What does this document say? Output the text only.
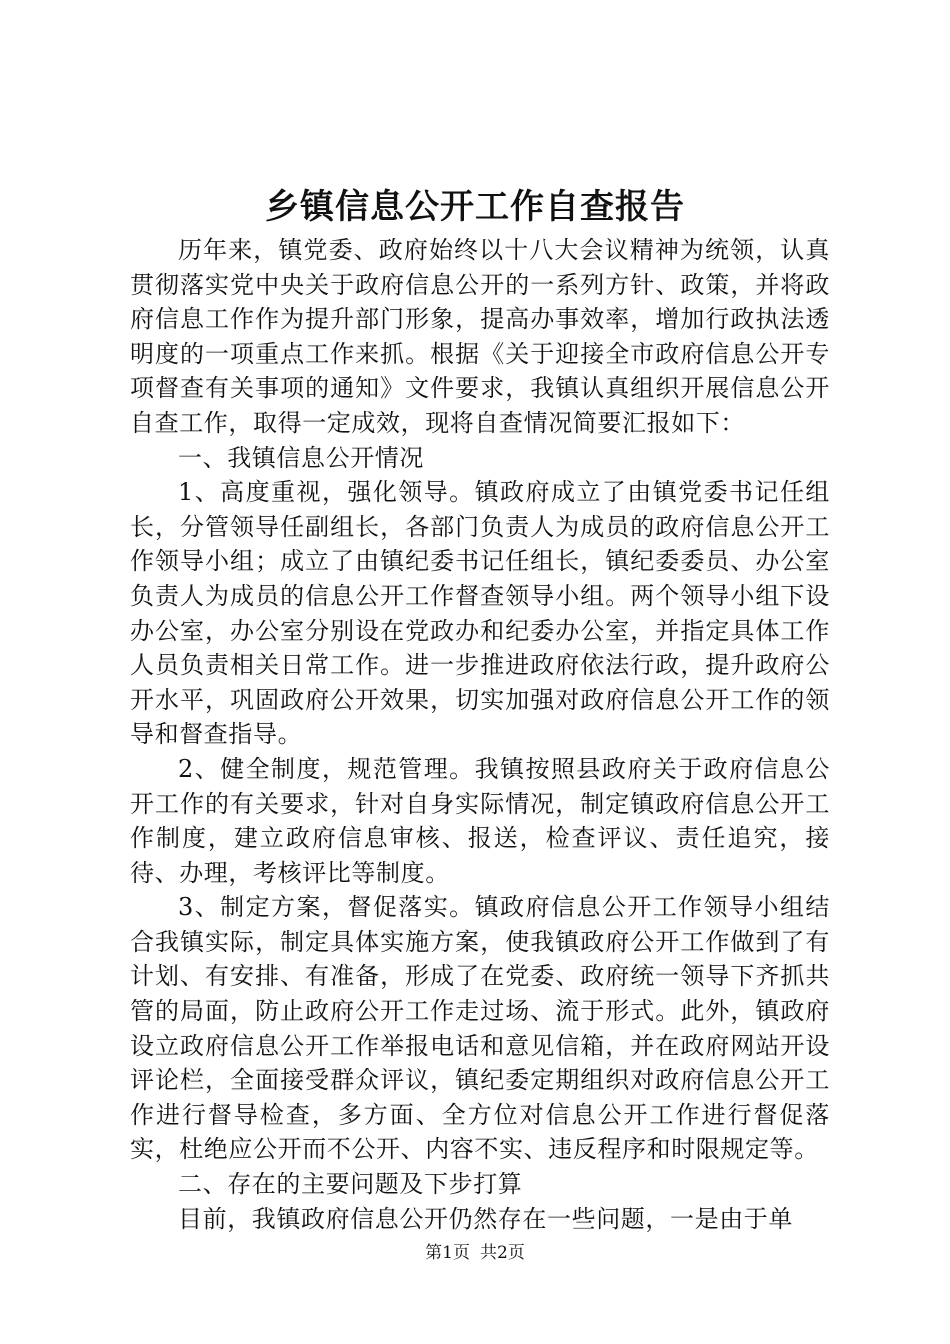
乡镇信息公开工作自查报告

历年来，镇党委、政府始终以十八大会议精神为统领，认真贯彻落实党中央关于政府信息公开的一系列方针、政策，并将政府信息工作作为提升部门形象，提高办事效率，增加行政执法透明度的一项重点工作来抓。根据《关于迎接全市政府信息公开专项督查有关事项的通知》文件要求，我镇认真组织开展信息公开自查工作，取得一定成效，现将自查情况简要汇报如下：

一、我镇信息公开情况

1、高度重视，强化领导。镇政府成立了由镇党委书记任组长，分管领导任副组长，各部门负责人为成员的政府信息公开工作领导小组；成立了由镇纪委书记任组长，镇纪委委员、办公室负责人为成员的信息公开工作督查领导小组。两个领导小组下设办公室，办公室分别设在党政办和纪委办公室，并指定具体工作人员负责相关日常工作。进一步推进政府依法行政，提升政府公开水平，巩固政府公开效果，切实加强对政府信息公开工作的领导和督查指导。

2、健全制度，规范管理。我镇按照县政府关于政府信息公开工作的有关要求，针对自身实际情况，制定镇政府信息公开工作制度，建立政府信息审核、报送，检查评议、责任追究，接待、办理，考核评比等制度。

3、制定方案，督促落实。镇政府信息公开工作领导小组结合我镇实际，制定具体实施方案，使我镇政府公开工作做到了有计划、有安排、有准备，形成了在党委、政府统一领导下齐抓共管的局面，防止政府公开工作走过场、流于形式。此外，镇政府设立政府信息公开工作举报电话和意见信箱，并在政府网站开设评论栏，全面接受群众评议，镇纪委定期组织对政府信息公开工作进行督导检查，多方面、全方位对信息公开工作进行督促落实，杜绝应公开而不公开、内容不实、违反程序和时限规定等。

二、存在的主要问题及下步打算

目前，我镇政府信息公开仍然存在一些问题，一是由于单

第1页 共2页
